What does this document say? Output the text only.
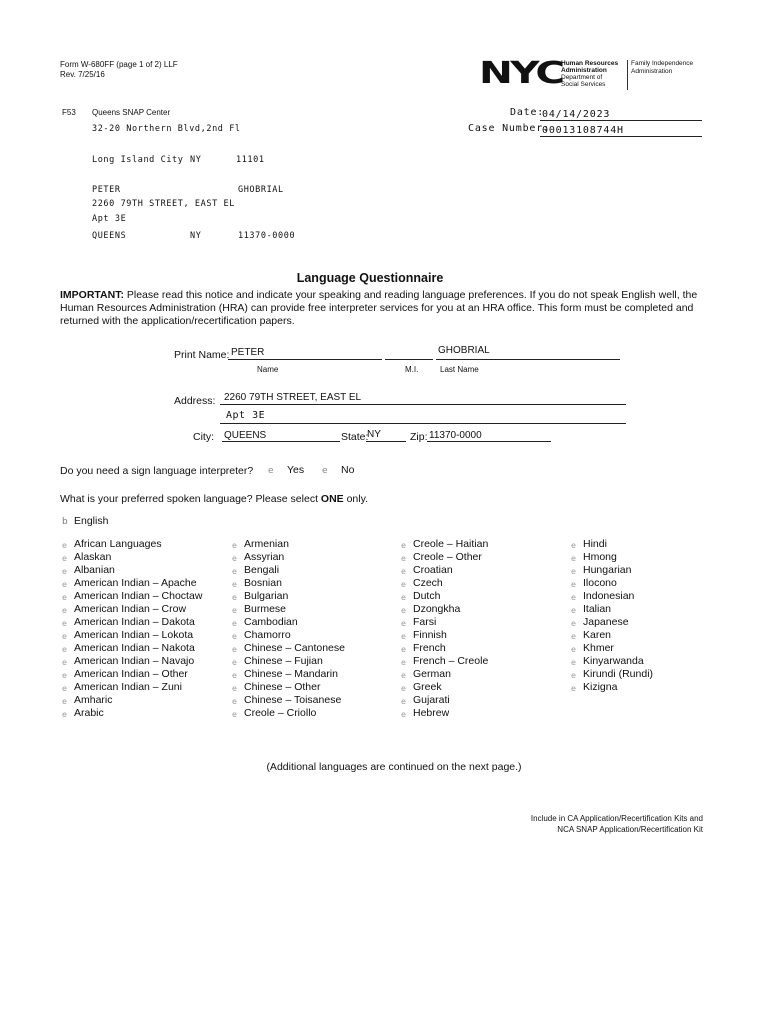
Form W-680FF (page 1 of 2) LLF
Rev. 7/25/16	NYC
Human Resources
Administration
Department of
Social Services
Family Independence
Administration
F53 Queens SNAP Center
32-20 Northern Blvd,2nd Fl
Long Island City NY	11101
Date:
04/14/2023
Case Number:
00013108744H
PETER	GHOBRIAL
2260 79TH STREET, EAST EL
Apt 3E
QUEENS	NY	11370-0000
Language Questionnaire
IMPORTANT: Please read this notice and indicate your speaking and reading language preferences. If you do not speak English well, the Human Resources Administration (HRA) can provide free interpreter services for you at an HRA office. This form must be completed and returned with the application/recertification papers.
Print Name: PETER	GHOBRIAL
Name	M.I.	Last Name
Address: 2260 79TH STREET, EAST EL
Apt 3E
City: QUEENS	State:
NY	Zip: 11370-0000
Do you need a sign language interpreter? e Yes e No
What is your preferred spoken language? Please select ONE only.
b English
e African Languages
e Alaskan
e Albanian
e American Indian – Apache
e American Indian – Choctaw
e American Indian – Crow
e American Indian – Dakota
e American Indian – Lokota
e American Indian – Nakota
e American Indian – Navajo
e American Indian – Other
e American Indian – Zuni
e Amharic
e Arabic
e Armenian
e Assyrian
e Bengali
e Bosnian
e Bulgarian
e Burmese
e Cambodian
e Chamorro
e Chinese – Cantonese
e Chinese – Fujian
e Chinese – Mandarin
e Chinese – Other
e Chinese – Toisanese
e Creole – Criollo
e Creole – Haitian
e Creole – Other
e Croatian
e Czech
e Dutch
e Dzongkha
e Farsi
e Finnish
e French
e French – Creole
e German
e Greek
e Gujarati
e Hebrew
e Hindi
e Hmong
e Hungarian
e Ilocono
e Indonesian
e Italian
e Japanese
e Karen
e Khmer
e Kinyarwanda
e Kirundi (Rundi)
e Kizigna
(Additional languages are continued on the next page.)
Include in CA Application/Recertification Kits and
NCA SNAP Application/Recertification Kit
